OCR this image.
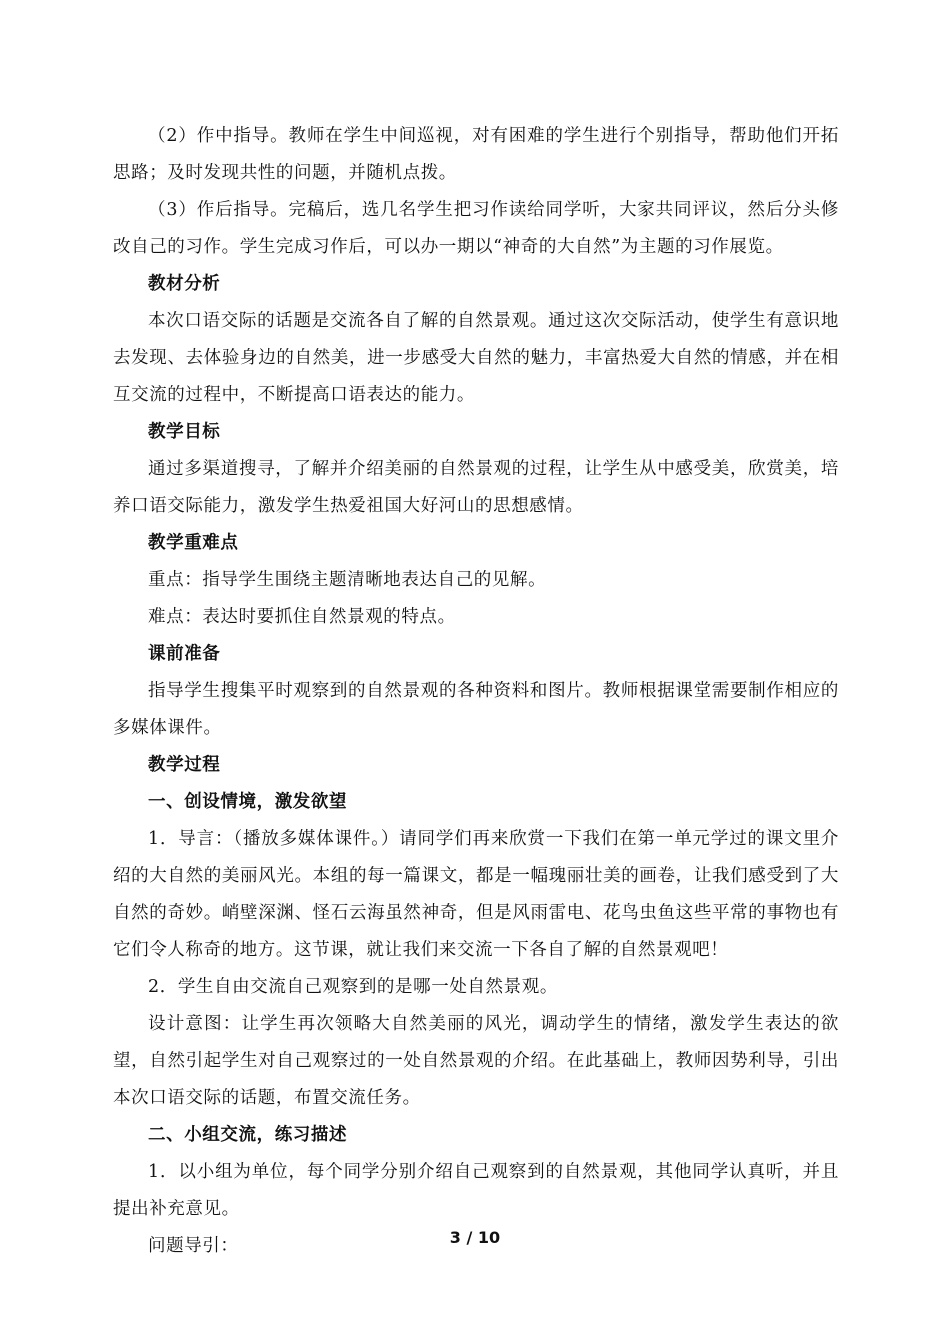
（2）作中指导。教师在学生中间巡视，对有困难的学生进行个别指导，帮助他们开拓思路；及时发现共性的问题，并随机点拨。

（3）作后指导。完稿后，选几名学生把习作读给同学听，大家共同评议，然后分头修改自己的习作。学生完成习作后，可以办一期以“神奇的大自然”为主题的习作展览。

教材分析

本次口语交际的话题是交流各自了解的自然景观。通过这次交际活动，使学生有意识地去发现、去体验身边的自然美，进一步感受大自然的魅力，丰富热爱大自然的情感，并在相互交流的过程中，不断提高口语表达的能力。

教学目标

通过多渠道搜寻，了解并介绍美丽的自然景观的过程，让学生从中感受美，欣赏美，培养口语交际能力，激发学生热爱祖国大好河山的思想感情。

教学重难点

重点：指导学生围绕主题清晰地表达自己的见解。

难点：表达时要抓住自然景观的特点。

课前准备

指导学生搜集平时观察到的自然景观的各种资料和图片。教师根据课堂需要制作相应的多媒体课件。

教学过程

一、创设情境，激发欲望

1．导言：（播放多媒体课件。）请同学们再来欣赏一下我们在第一单元学过的课文里介绍的大自然的美丽风光。本组的每一篇课文，都是一幅瑰丽壮美的画卷，让我们感受到了大自然的奇妙。峭壁深渊、怪石云海虽然神奇，但是风雨雷电、花鸟虫鱼这些平常的事物也有它们令人称奇的地方。这节课，就让我们来交流一下各自了解的自然景观吧！

2．学生自由交流自己观察到的是哪一处自然景观。

设计意图：让学生再次领略大自然美丽的风光，调动学生的情绪，激发学生表达的欲望，自然引起学生对自己观察过的一处自然景观的介绍。在此基础上，教师因势利导，引出本次口语交际的话题，布置交流任务。

二、小组交流，练习描述

1．以小组为单位，每个同学分别介绍自己观察到的自然景观，其他同学认真听，并且提出补充意见。

问题导引：	3 / 10
